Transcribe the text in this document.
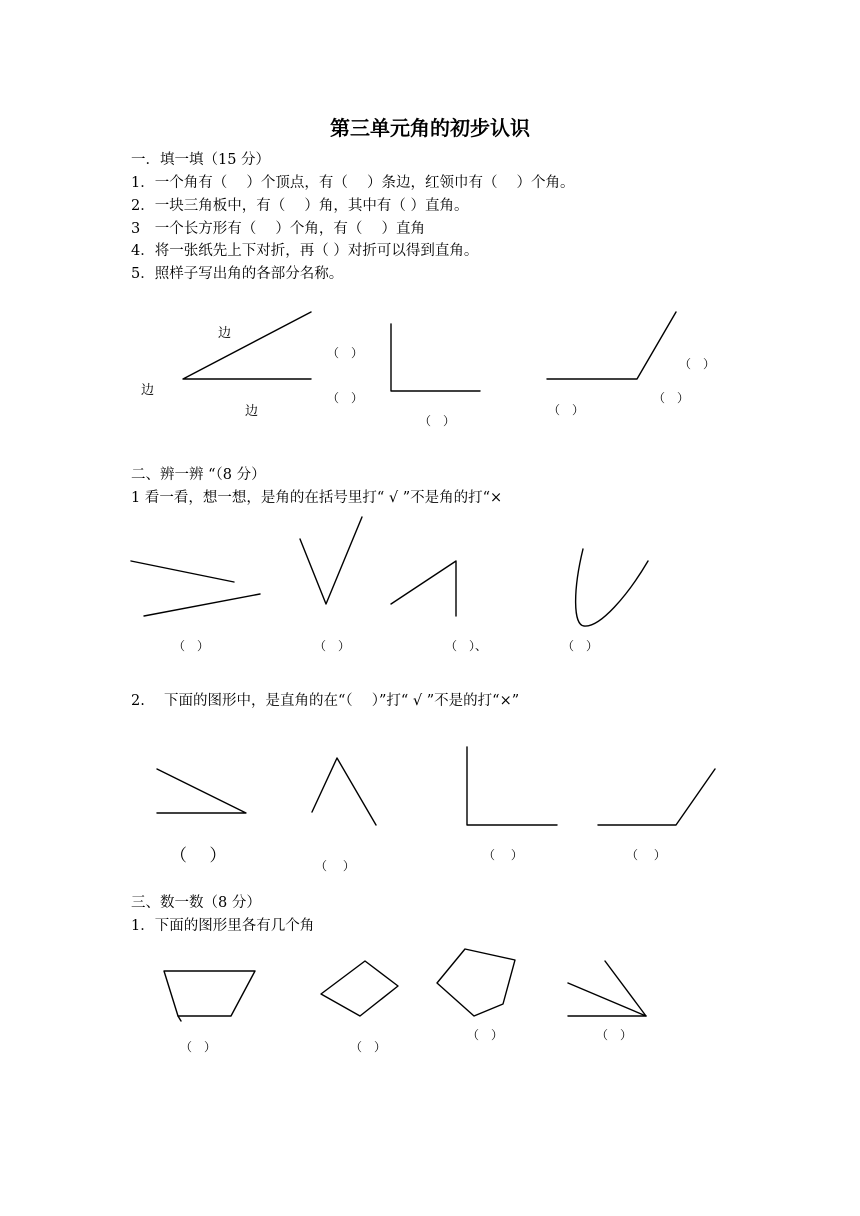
第三单元角的初步认识
一．填一填（15 分）
1．一个角有（　 ）个顶点，有（　 ）条边，红领巾有（　 ）个角。
2．一块三角板中，有（　 ）角，其中有（ ）直角。
3　一个长方形有（　 ）个角，有（　 ）直角
4．将一张纸先上下对折，再（ ）对折可以得到直角。
5．照样子写出角的各部分名称。
边
边
边
（　）
（　）
（　）
（　）
（　）
（　）
二、辨一辨 “（8 分）
1 看一看，想一想，是角的在括号里打“ √ ”不是角的打“×
（　）	（　）	（　）、	（　）
2.　 下面的图形中，是直角的在“（　 ）”打“ √ ”不是的打“×”
（　 ）	（　 ）
（　 ）	（　 ）
三、数一数（8 分）
1．下面的图形里各有几个角
（　）	（　）
（　）	（　）
